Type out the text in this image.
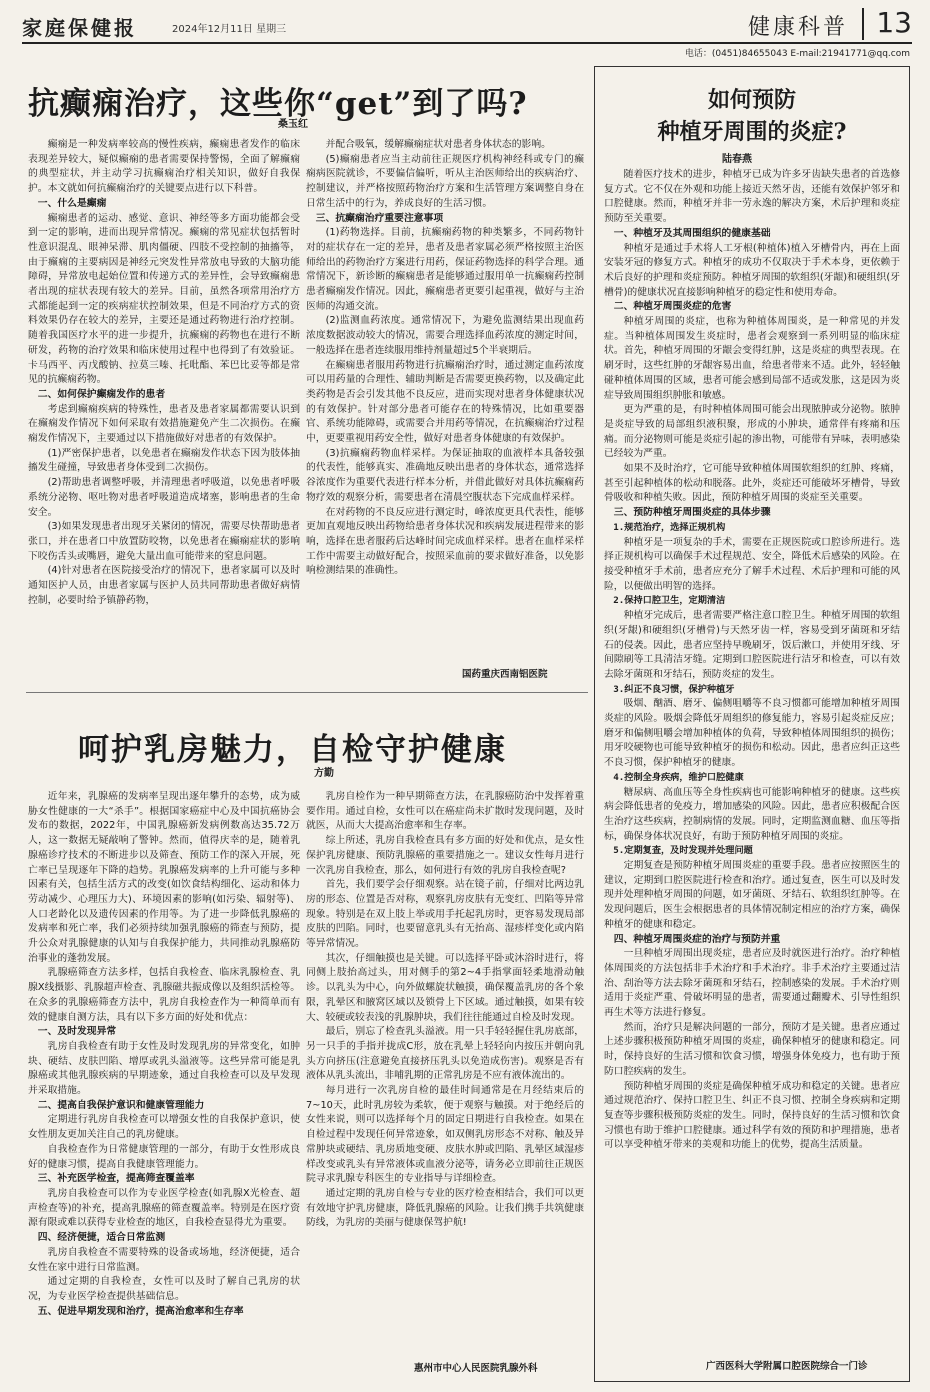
家庭保健报	2024年12月11日 星期三	健康科普 13
电话：(0451)84655043 E-mail:21941771@qq.com
抗癫痫治疗，这些你“get”到了吗?
桑玉红

癫痫是一种发病率较高的慢性疾病，癫痫患者发作的临床表现差异较大，疑似癫痫的患者需要保持警惕，全面了解癫痫的典型症状，并主动学习抗癫痫治疗相关知识，做好自我保护。本文就如何抗癫痫治疗的关键要点进行以下科普。

一、什么是癫痫

癫痫患者的运动、感觉、意识、神经等多方面功能都会受到一定的影响，进而出现异常情况。癫痫的常见症状包括暂时性意识混乱、眼神呆滞、肌肉僵硬、四肢不受控制的抽搐等，由于癫痫的主要病因是神经元突发性异常放电导致的大脑功能障碍，异常放电起始位置和传递方式的差异性，会导致癫痫患者出现的症状表现有较大的差异。目前，虽然各项常用治疗方式都能起到一定的疾病症状控制效果，但是不同治疗方式的资料效果仍存在较大的差异，主要还是通过药物进行治疗控制。随着我国医疗水平的进一步提升，抗癫痫的药物也在进行不断研发，药物的治疗效果和临床使用过程中也得到了有效验证。卡马西平、丙戊酸钠、拉莫三嗪、托吡酯、苯巴比妥等都是常见的抗癫痫药物。

二、如何保护癫痫发作的患者

考虑到癫痫疾病的特殊性，患者及患者家属都需要认识到在癫痫发作情况下如何采取有效措施避免产生二次损伤。在癫痫发作情况下，主要通过以下措施做好对患者的有效保护。

(1)严密保护患者，以免患者在癫痫发作状态下因为肢体抽搐发生碰撞，导致患者身体受到二次损伤。

(2)帮助患者调整呼吸，并清理患者呼吸道，以免患者呼吸系统分泌物、呕吐物对患者呼吸道造成堵塞，影响患者的生命安全。

(3)如果发现患者出现牙关紧闭的情况，需要尽快帮助患者张口，并在患者口中放置防咬物，以免患者在癫痫症状的影响下咬伤舌头或嘴唇，避免大量出血可能带来的窒息问题。

(4)针对患者在医院接受治疗的情况下，患者家属可以及时通知医护人员，由患者家属与医护人员共同帮助患者做好病情控制，必要时给予镇静药物，

并配合吸氧，缓解癫痫症状对患者身体状态的影响。

(5)癫痫患者应当主动前往正规医疗机构神经科或专门的癫痫病医院就诊，不要偏信偏听，听从主治医师给出的疾病治疗、控制建议，并严格按照药物治疗方案和生活管理方案调整自身在日常生活中的行为，养成良好的生活习惯。

三、抗癫痫治疗重要注意事项

(1)药物选择。目前，抗癫痫药物的种类繁多，不同药物针对的症状存在一定的差异，患者及患者家属必须严格按照主治医师给出的药物治疗方案进行用药，保证药物选择的科学合理。通常情况下，新诊断的癫痫患者是能够通过服用单一抗癫痫药控制患者癫痫发作情况。因此，癫痫患者更要引起重视，做好与主治医师的沟通交流。

(2)监测血药浓度。通常情况下，为避免监测结果出现血药浓度数据波动较大的情况，需要合理选择血药浓度的测定时间，一般选择在患者连续服用维持剂量超过5个半衰期后。

在癫痫患者服用药物进行抗癫痫治疗时，通过测定血药浓度可以用药量的合理性、辅助判断是否需要更换药物，以及确定此类药物是否会引发其他不良反应，进而实现对患者身体健康状况的有效保护。针对部分患者可能存在的特殊情况，比如重要器官、系统功能障碍，或需要合并用药等情况，在抗癫痫治疗过程中，更要重视用药安全性，做好对患者身体健康的有效保护。

(3)抗癫痫药物血样采样。为保证抽取的血液样本具备较强的代表性，能够真实、准确地反映出患者的身体状态，通常选择谷浓度作为重要代表进行样本分析，并借此做好对具体抗癫痫药物疗效的观察分析，需要患者在清晨空腹状态下完成血样采样。

在对药物的不良反应进行测定时，峰浓度更具代表性，能够更加直观地反映出药物给患者身体状况和疾病发展进程带来的影响，选择在患者服药后达峰时间完成血样采样。患者在血样采样工作中需要主动做好配合，按照采血前的要求做好准备，以免影响检测结果的准确性。

国药重庆西南铝医院
呵护乳房魅力，自检守护健康
方勤

近年来，乳腺癌的发病率呈现出逐年攀升的态势，成为威胁女性健康的一大“杀手”。根据国家癌症中心及中国抗癌协会发布的数据，2022年，中国乳腺癌新发病例数高达35.72万人，这一数据无疑敲响了警钟。然而，值得庆幸的是，随着乳腺癌诊疗技术的不断进步以及筛查、预防工作的深入开展，死亡率已呈现逐年下降的趋势。乳腺癌发病率的上升可能与多种因素有关，包括生活方式的改变(如饮食结构细化、运动和体力劳动减少、心理压力大)、环境因素的影响(如污染、辐射等)、人口老龄化以及遗传因素的作用等。为了进一步降低乳腺癌的发病率和死亡率，我们必须持续加强乳腺癌的筛查与预防，提升公众对乳腺健康的认知与自我保护能力，共同推动乳腺癌防治事业的蓬勃发展。

乳腺癌筛查方法多样，包括自我检查、临床乳腺检查、乳腺X线摄影、乳腺超声检查、乳腺磁共振成像以及组织活检等。在众多的乳腺癌筛查方法中，乳房自我检查作为一种简单而有效的健康自测方法，具有以下多方面的好处和优点：

一、及时发现异常

乳房自我检查有助于女性及时发现乳房的异常变化，如肿块、硬结、皮肤凹陷、增厚或乳头溢液等。这些异常可能是乳腺癌或其他乳腺疾病的早期迹象，通过自我检查可以及早发现并采取措施。

二、提高自我保护意识和健康管理能力

定期进行乳房自我检查可以增强女性的自我保护意识，使女性朋友更加关注自己的乳房健康。

自我检查作为日常健康管理的一部分，有助于女性形成良好的健康习惯，提高自我健康管理能力。

三、补充医学检查，提高筛查覆盖率

乳房自我检查可以作为专业医学检查(如乳腺X光检查、超声检查等)的补充，提高乳腺癌的筛查覆盖率。特别是在医疗资源有限或难以获得专业检查的地区，自我检查显得尤为重要。

四、经济便捷，适合日常监测

乳房自我检查不需要特殊的设备或场地，经济便捷，适合女性在家中进行日常监测。

通过定期的自我检查，女性可以及时了解自己乳房的状况，为专业医学检查提供基础信息。

五、促进早期发现和治疗，提高治愈率和生存率

乳房自检作为一种早期筛查方法，在乳腺癌防治中发挥着重要作用。通过自检，女性可以在癌症尚未扩散时发现问题，及时就医，从而大大提高治愈率和生存率。

综上所述，乳房自我检查具有多方面的好处和优点，是女性保护乳房健康、预防乳腺癌的重要措施之一。建议女性每月进行一次乳房自我检查，那么，如何进行有效的乳房自我检查呢?

首先，我们要学会仔细观察。站在镜子前，仔细对比两边乳房的形态、位置是否对称，观察乳房皮肤有无变红、凹陷等异常现象。特别是在双上肢上举或用手托起乳房时，更容易发现局部皮肤的凹陷。同时，也要留意乳头有无抬高、湿疹样变化或内陷等异常情况。

其次，仔细触摸也是关键。可以选择平卧或沐浴时进行，将同侧上肢抬高过头，用对侧手的第2~4手指掌面轻柔地滑动触诊。以乳头为中心，向外做螺旋状触摸，确保覆盖乳房的各个象限，乳晕区和腋窝区域以及锁骨上下区域。通过触摸，如果有较大、较硬或较表浅的乳腺肿块，我们往往能通过自检及时发现。

最后，别忘了检查乳头溢液。用一只手轻轻握住乳房底部，另一只手的手指并拢成C形，放在乳晕上轻轻向内按压并朝向乳头方向挤压(注意避免直接挤压乳头以免造成伤害)。观察是否有液体从乳头流出，非哺乳期的正常乳房是不应有液体流出的。

每月进行一次乳房自检的最佳时间通常是在月经结束后的7~10天，此时乳房较为柔软，便于观察与触摸。对于绝经后的女性来说，则可以选择每个月的固定日期进行自我检查。如果在自检过程中发现任何异常迹象，如双侧乳房形态不对称、触及异常肿块或硬结、乳房质地变硬、皮肤水肿或凹陷、乳晕区域湿疹样改变或乳头有异常液体或血液分泌等，请务必立即前往正规医院寻求乳腺专科医生的专业指导与详细检查。

通过定期的乳房自检与专业的医疗检查相结合，我们可以更有效地守护乳房健康，降低乳腺癌的风险。让我们携手共筑健康防线，为乳房的美丽与健康保驾护航!

惠州市中心人民医院乳腺外科
如何预防
种植牙周围的炎症?
陆春燕

随着医疗技术的进步，种植牙已成为许多牙齿缺失患者的首选修复方式。它不仅在外观和功能上接近天然牙齿，还能有效保护邻牙和口腔健康。然而，种植牙并非一劳永逸的解决方案，术后护理和炎症预防至关重要。

一、种植牙及其周围组织的健康基础

种植牙是通过手术将人工牙根(种植体)植入牙槽骨内，再在上面安装牙冠的修复方式。种植牙的成功不仅取决于手术本身，更依赖于术后良好的护理和炎症预防。种植牙周围的软组织(牙龈)和硬组织(牙槽骨)的健康状况直接影响种植牙的稳定性和使用寿命。

二、种植牙周围炎症的危害

种植牙周围的炎症，也称为种植体周围炎，是一种常见的并发症。当种植体周围发生炎症时，患者会观察到一系列明显的临床症状。首先，种植牙周围的牙龈会变得红肿，这是炎症的典型表现。在刷牙时，这些红肿的牙龈容易出血，给患者带来不适。此外，轻轻触碰种植体周围的区域，患者可能会感到局部不适或发胀，这是因为炎症导致周围组织肿胀和敏感。

更为严重的是，有时种植体周围可能会出现脓肿或分泌物。脓肿是炎症导致的局部组织液积聚，形成的小肿块，通常伴有疼痛和压痛。而分泌物则可能是炎症引起的渗出物，可能带有异味，表明感染已经较为严重。

如果不及时治疗，它可能导致种植体周围软组织的红肿、疼痛，甚至引起种植体的松动和脱落。此外，炎症还可能破坏牙槽骨，导致骨吸收和种植失败。因此，预防种植牙周围的炎症至关重要。

三、预防种植牙周围炎症的具体步骤
1.规范治疗，选择正规机构

种植牙是一项复杂的手术，需要在正规医院或口腔诊所进行。选择正规机构可以确保手术过程规范、安全，降低术后感染的风险。在接受种植牙手术前，患者应充分了解手术过程、术后护理和可能的风险，以便做出明智的选择。

2.保持口腔卫生，定期清洁

种植牙完成后，患者需要严格注意口腔卫生。种植牙周围的软组织(牙龈)和硬组织(牙槽骨)与天然牙齿一样，容易受到牙菌斑和牙结石的侵袭。因此，患者应坚持早晚刷牙，饭后漱口，并使用牙线、牙间隙刷等工具清洁牙缝。定期到口腔医院进行洁牙和检查，可以有效去除牙菌斑和牙结石，预防炎症的发生。

3.纠正不良习惯，保护种植牙

吸烟、酗酒、磨牙、偏侧咀嚼等不良习惯都可能增加种植牙周围炎症的风险。吸烟会降低牙周组织的修复能力，容易引起炎症反应；磨牙和偏侧咀嚼会增加种植体的负荷，导致种植体周围组织的损伤；用牙咬硬物也可能导致种植牙的损伤和松动。因此，患者应纠正这些不良习惯，保护种植牙的健康。

4.控制全身疾病，维护口腔健康

糖尿病、高血压等全身性疾病也可能影响种植牙的健康。这些疾病会降低患者的免疫力，增加感染的风险。因此，患者应积极配合医生治疗这些疾病，控制病情的发展。同时，定期监测血糖、血压等指标，确保身体状况良好，有助于预防种植牙周围的炎症。

5.定期复查，及时发现并处理问题

定期复查是预防种植牙周围炎症的重要手段。患者应按照医生的建议，定期到口腔医院进行检查和治疗。通过复查，医生可以及时发现并处理种植牙周围的问题，如牙菌斑、牙结石、软组织红肿等。在发现问题后，医生会根据患者的具体情况制定相应的治疗方案，确保种植牙的健康和稳定。

四、种植牙周围炎症的治疗与预防并重

一旦种植牙周围出现炎症，患者应及时就医进行治疗。治疗种植体周围炎的方法包括非手术治疗和手术治疗。非手术治疗主要通过洁治、刮治等方法去除牙菌斑和牙结石，控制感染的发展。手术治疗则适用于炎症严重、骨破坏明显的患者，需要通过翻瓣术、引导性组织再生术等方法进行修复。

然而，治疗只是解决问题的一部分，预防才是关键。患者应通过上述步骤积极预防种植牙周围的炎症，确保种植牙的健康和稳定。同时，保持良好的生活习惯和饮食习惯，增强身体免疫力，也有助于预防口腔疾病的发生。

预防种植牙周围的炎症是确保种植牙成功和稳定的关键。患者应通过规范治疗、保持口腔卫生、纠正不良习惯、控制全身疾病和定期复查等步骤积极预防炎症的发生。同时，保持良好的生活习惯和饮食习惯也有助于维护口腔健康。通过科学有效的预防和护理措施，患者可以享受种植牙带来的美观和功能上的优势，提高生活质量。

广西医科大学附属口腔医院综合一门诊
